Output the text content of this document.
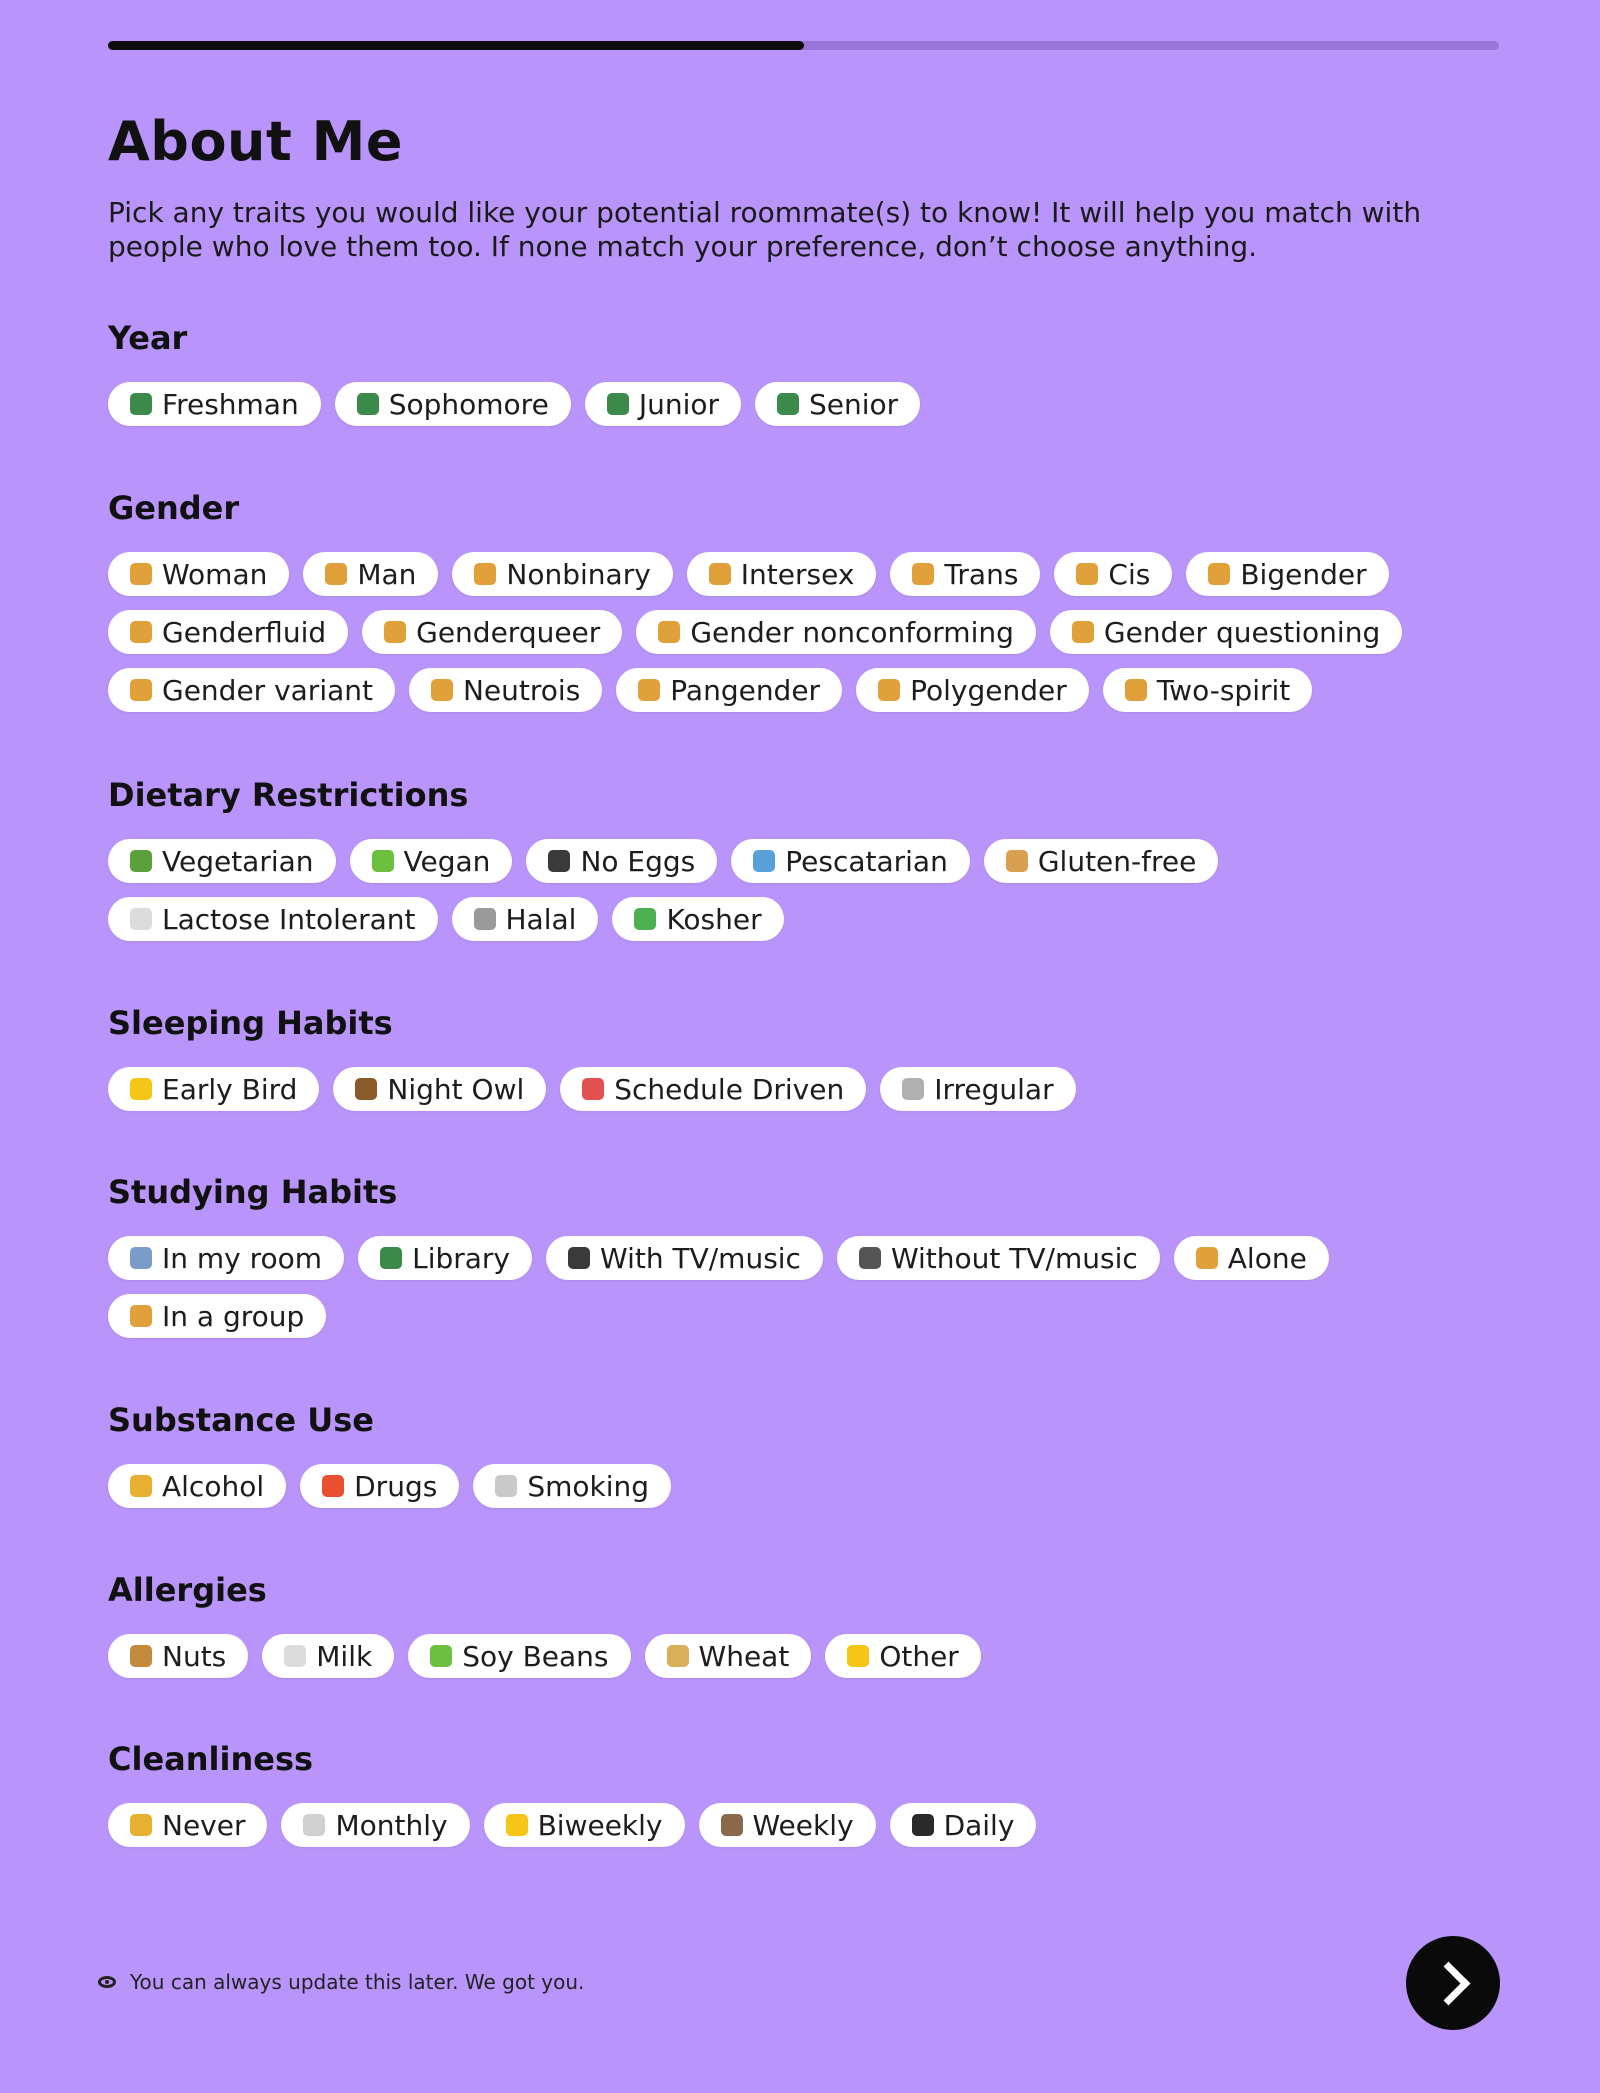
About Me

Pick any traits you would like your potential roommate(s) to know! It will help you match with people who love them too. If none match your preference, don’t choose anything.

Year
Freshman	Sophomore	Junior	Senior
Gender
Woman	Man	Nonbinary	Intersex	Trans	Cis	Bigender
Genderfluid	Genderqueer	Gender nonconforming	Gender questioning
Gender variant	Neutrois	Pangender	Polygender	Two-spirit
Dietary Restrictions
Vegetarian	Vegan	No Eggs	Pescatarian	Gluten-free
Lactose Intolerant	Halal	Kosher
Sleeping Habits
Early Bird	Night Owl	Schedule Driven	Irregular
Studying Habits
In my room	Library	With TV/music	Without TV/music	Alone
In a group
Substance Use
Alcohol	Drugs	Smoking
Allergies
Nuts	Milk	Soy Beans	Wheat	Other
Cleanliness
Never	Monthly	Biweekly	Weekly	Daily
You can always update this later. We got you.
